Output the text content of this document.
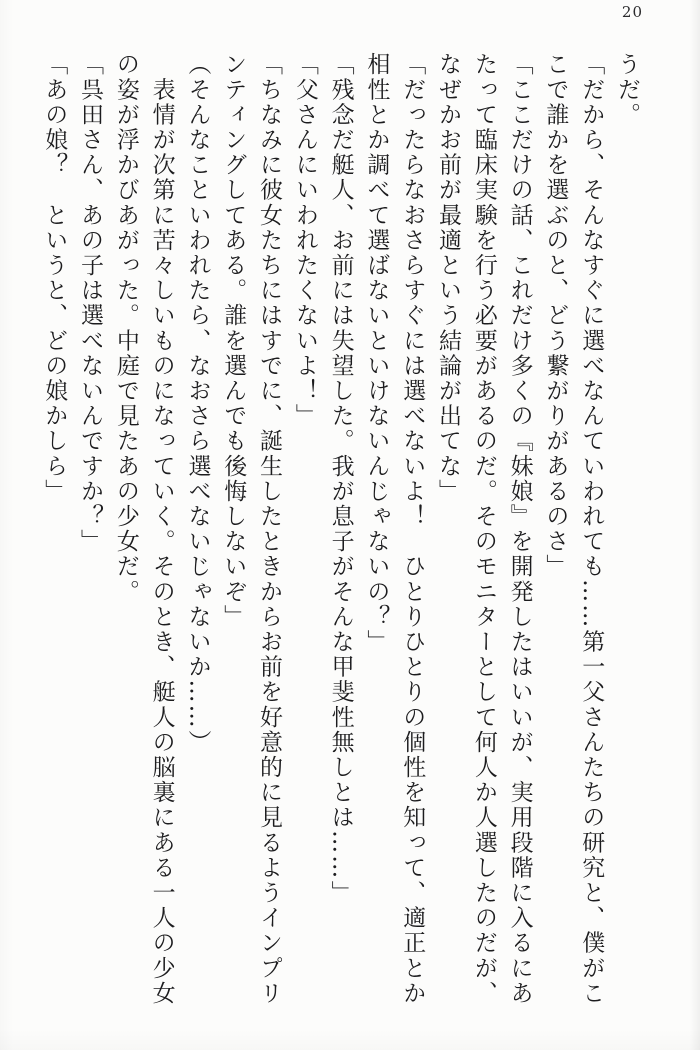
20
うだ。
「だから、そんなすぐに選べなんていわれても……第一父さんたちの研究と、僕がこ
こで誰かを選ぶのと、どう繋がりがあるのさ」
「ここだけの話、これだけ多くの『妹娘』を開発したはいいが、実用段階に入るにあ
たって臨床実験を行う必要があるのだ。そのモニターとして何人か人選したのだが、
なぜかお前が最適という結論が出てな」
「だったらなおさらすぐには選べないよ！　ひとりひとりの個性を知って、適正とか
相性とか調べて選ばないといけないんじゃないの？」
「残念だ艇人、お前には失望した。我が息子がそんな甲斐性無しとは……」
「父さんにいわれたくないよ！」
「ちなみに彼女たちにはすでに、誕生したときからお前を好意的に見るようインプリ
ンティングしてある。誰を選んでも後悔しないぞ」
（そんなこといわれたら、なおさら選べないじゃないか……）
　表情が次第に苦々しいものになっていく。そのとき、艇人の脳裏にある一人の少女
の姿が浮かびあがった。中庭で見たあの少女だ。
「呉田さん、あの子は選べないんですか？」
「あの娘？　というと、どの娘かしら」
